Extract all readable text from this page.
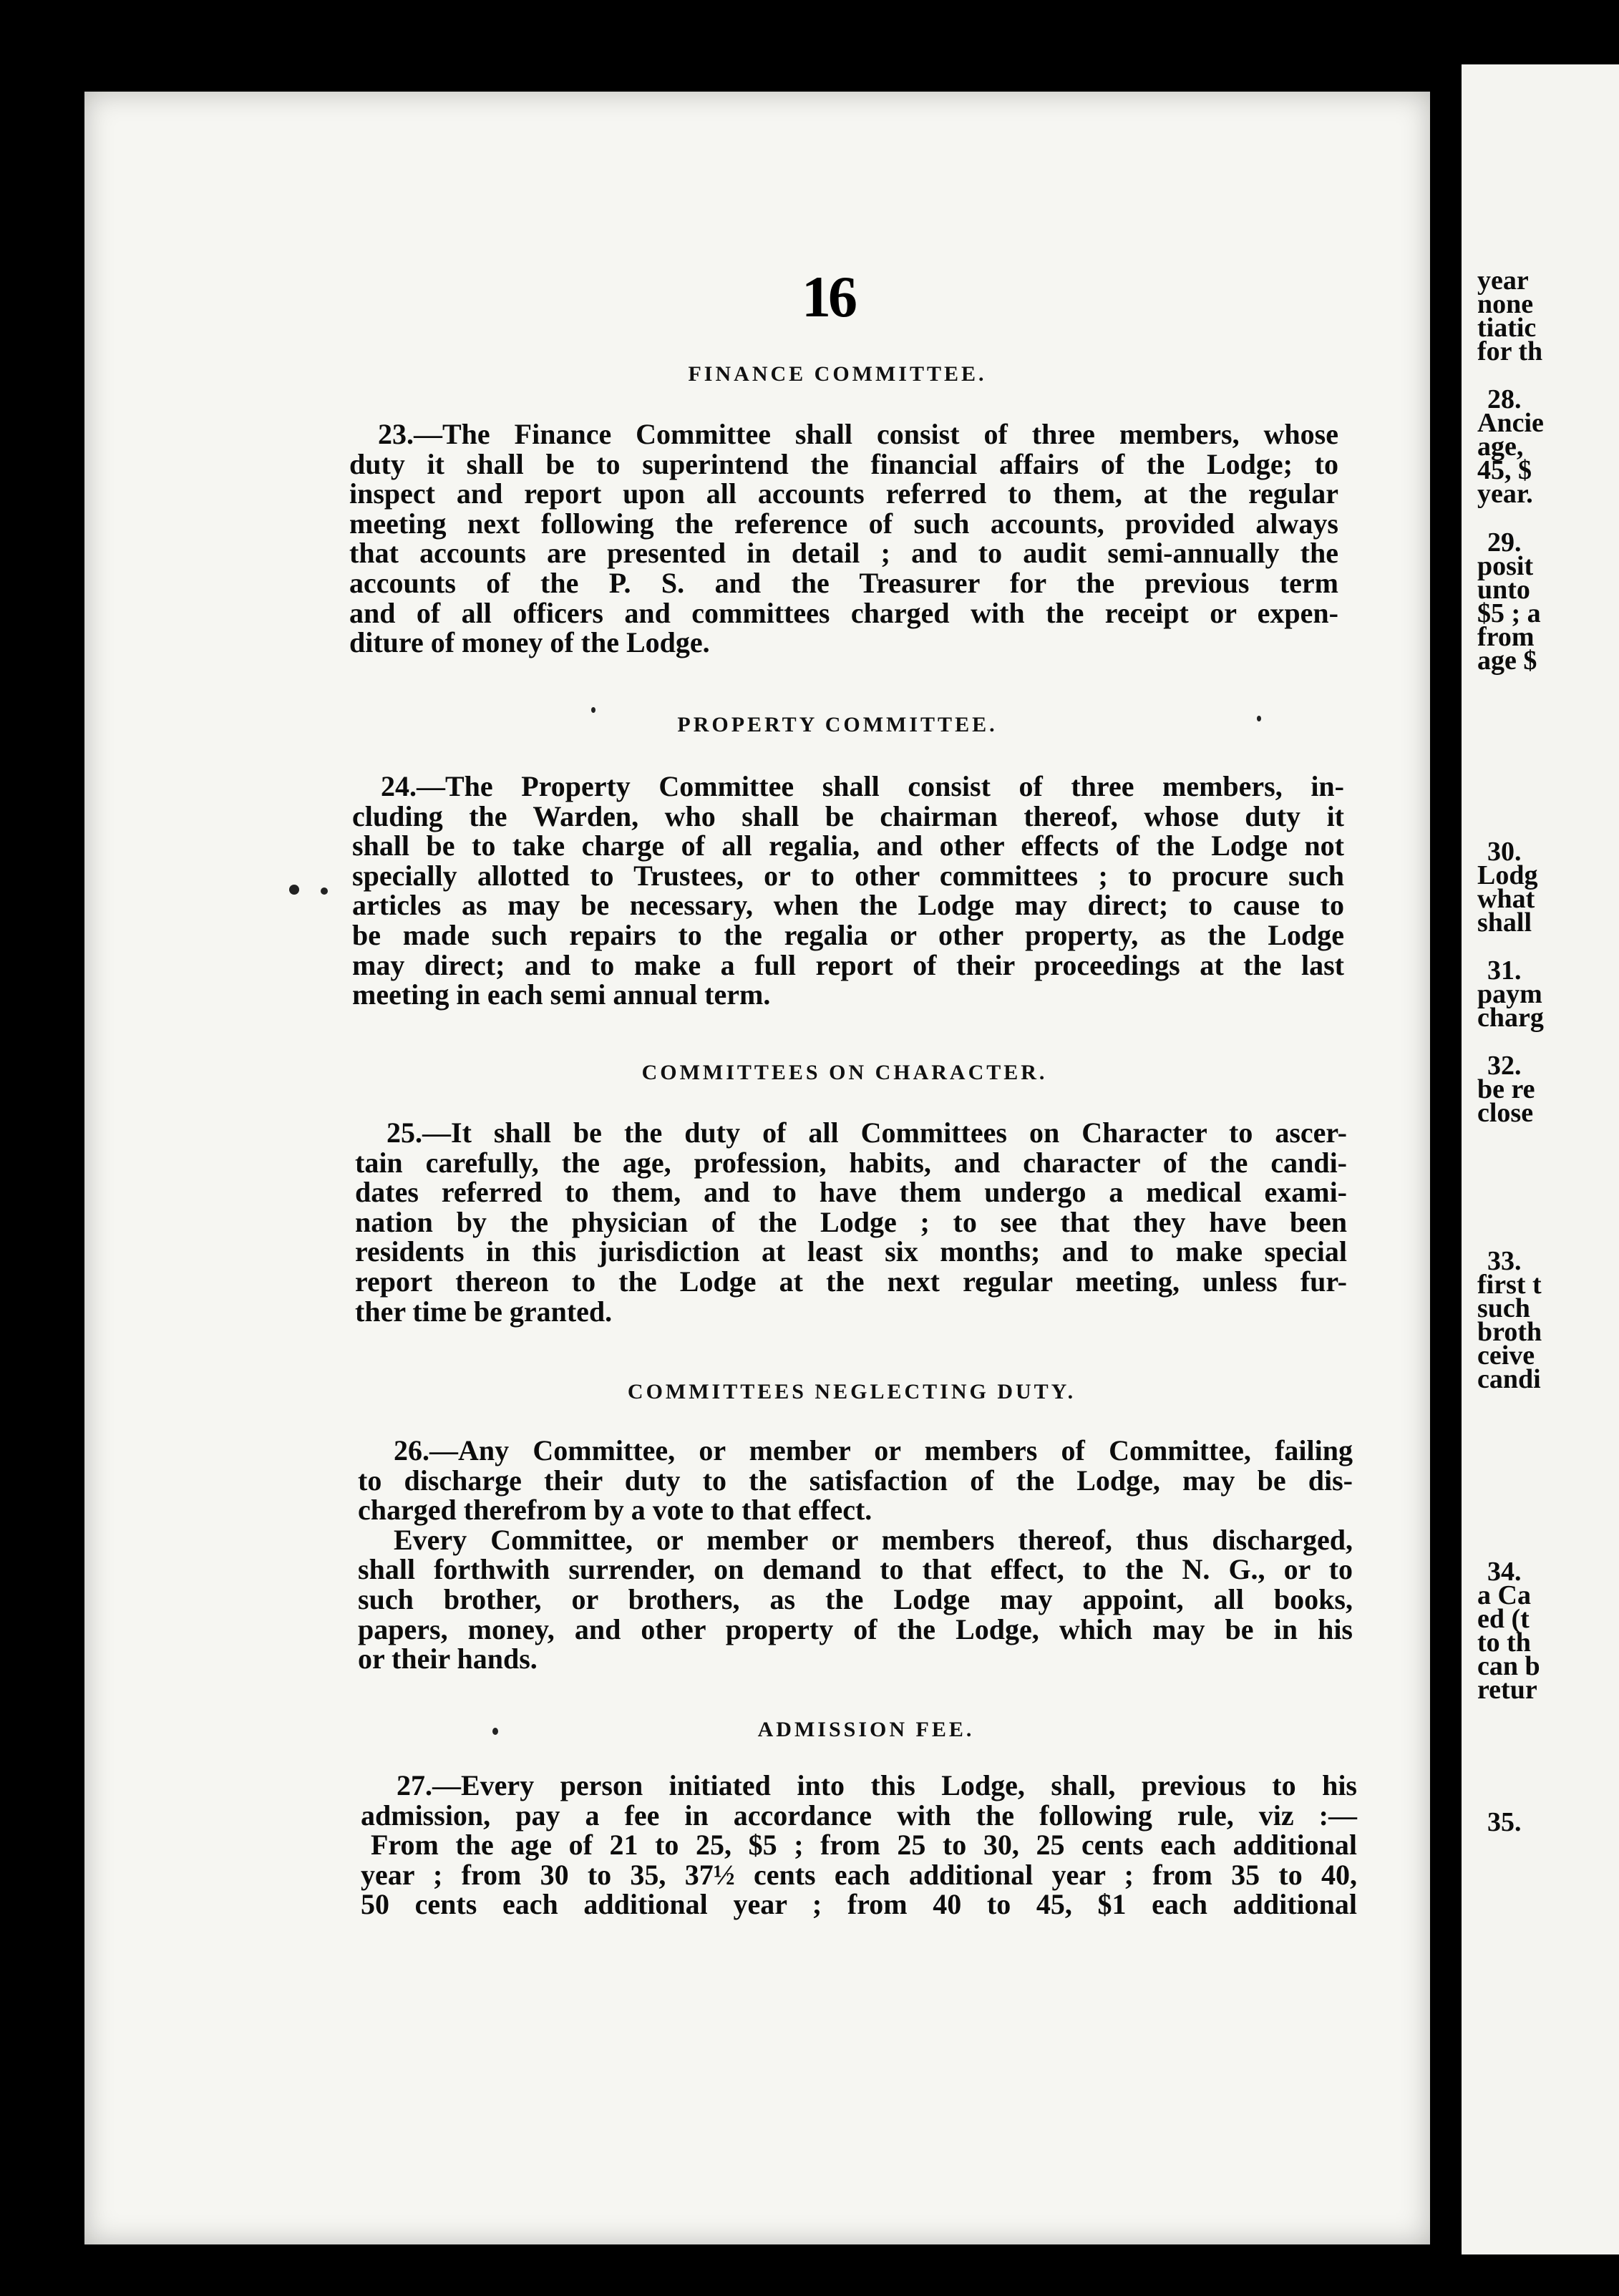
year
none
tiatic
for th
28.
Ancie
age,
45, $
year.
29.
posit
unto
$5 ; a
from
age $
30.
Lodg
what
shall
31.
paym
charg
32.
be re
close
33.
first t
such
broth
ceive
candi
34.
a Ca
ed (t
to th
can b
retur
35.
16
FINANCE COMMITTEE.
23.—The Finance Committee shall consist of three members, whose
duty it shall be to superintend the financial affairs of the Lodge; to
inspect and report upon all accounts referred to them, at the regular
meeting next following the reference of such accounts, provided always
that accounts are presented in detail ; and to audit semi-annually the
accounts of the P. S. and the Treasurer for the previous term
and of all officers and committees charged with the receipt or expen-
diture of money of the Lodge.
PROPERTY COMMITTEE.
24.—The Property Committee shall consist of three members, in-
cluding the Warden, who shall be chairman thereof, whose duty it
shall be to take charge of all regalia, and other effects of the Lodge not
specially allotted to Trustees, or to other committees ; to procure such
articles as may be necessary, when the Lodge may direct; to cause to
be made such repairs to the regalia or other property, as the Lodge
may direct; and to make a full report of their proceedings at the last
meeting in each semi annual term.
COMMITTEES ON CHARACTER.
25.—It shall be the duty of all Committees on Character to ascer-
tain carefully, the age, profession, habits, and character of the candi-
dates referred to them, and to have them undergo a medical exami-
nation by the physician of the Lodge ; to see that they have been
residents in this jurisdiction at least six months; and to make special
report thereon to the Lodge at the next regular meeting, unless fur-
ther time be granted.
COMMITTEES NEGLECTING DUTY.
26.—Any Committee, or member or members of Committee, failing
to discharge their duty to the satisfaction of the Lodge, may be dis-
charged therefrom by a vote to that effect.
Every Committee, or member or members thereof, thus discharged,
shall forthwith surrender, on demand to that effect, to the N. G., or to
such brother, or brothers, as the Lodge may appoint, all books,
papers, money, and other property of the Lodge, which may be in his
or their hands.
ADMISSION FEE.
27.—Every person initiated into this Lodge, shall, previous to his
admission, pay a fee in accordance with the following rule, viz :—
From the age of 21 to 25, $5 ; from 25 to 30, 25 cents each additional
year ; from 30 to 35, 37½ cents each additional year ; from 35 to 40,
50 cents each additional year ; from 40 to 45, $1 each additional
